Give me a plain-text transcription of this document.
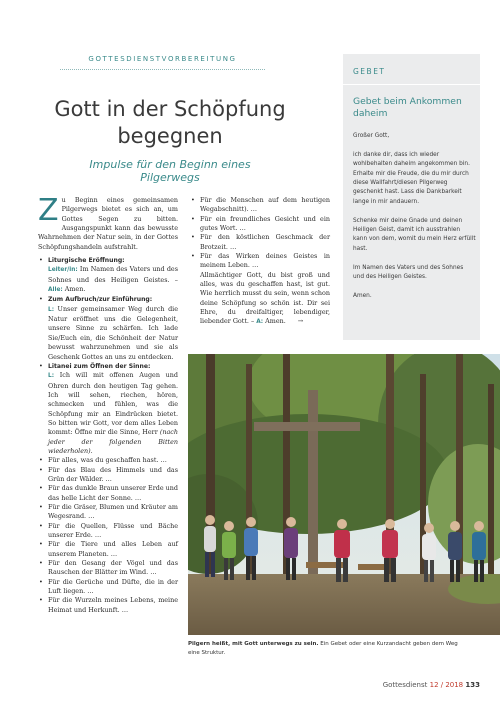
GOTTESDIENSTVORBEREITUNG
Gott in der Schöpfung
begegnen
Impulse für den Beginn eines Pilgerwegs

Zu Beginn eines gemeinsamen Pilgerwegs bietet es sich an, um Gottes Segen zu bitten. Ausgangspunkt kann das bewusste Wahrnehmen der Natur sein, in der Gottes Schöpfungshandeln aufstrahlt.

• Liturgische Eröffnung:
Leiter/in: Im Namen des Vaters und des Sohnes und des Heiligen Geistes. – Alle: Amen.
• Zum Aufbruch/zur Einführung:
L: Unser gemeinsamer Weg durch die Natur eröffnet uns die Gelegenheit, unsere Sinne zu schärfen. Ich lade Sie/Euch ein, die Schönheit der Natur bewusst wahrzunehmen und sie als Geschenk Gottes an uns zu entdecken.
• Litanei zum Öffnen der Sinne:
L: Ich will mit offenen Augen und Ohren durch den heutigen Tag gehen. Ich will sehen, riechen, hören, schmecken und fühlen, was die Schöpfung mir an Eindrücken bietet. So bitten wir Gott, vor dem alles Leben kommt: Öffne mir die Sinne, Herr (nach jeder der folgenden Bitten wiederholen).
• Für alles, was du geschaffen hast. …
• Für das Blau des Himmels und das Grün der Wälder. …
• Für das dunkle Braun unserer Erde und das helle Licht der Sonne. …
• Für die Gräser, Blumen und Kräuter am Wegesrand. …
• Für die Quellen, Flüsse und Bäche unserer Erde. …
• Für die Tiere und alles Leben auf unserem Planeten. …
• Für den Gesang der Vögel und das Rauschen der Blätter im Wind. …
• Für die Gerüche und Düfte, die in der Luft liegen. …
• Für die Wurzeln meines Lebens, meine Heimat und Herkunft. …
• Für die Menschen auf dem heutigen Wegabschnitt). …
• Für ein freundliches Gesicht und ein gutes Wort. …
• Für den köstlichen Geschmack der Brotzeit. …
• Für das Wirken deines Geistes in meinem Leben. …

Allmächtiger Gott, du bist groß und alles, was du geschaffen hast, ist gut. Wie herrlich musst du sein, wenn schon deine Schöpfung so schön ist. Dir sei Ehre, du dreifaltiger, lebendiger, liebender Gott. – A: Amen. →

GEBET
Gebet beim Ankommen daheim

Großer Gott,

ich danke dir, dass ich wieder wohlbehalten daheim angekommen bin. Erhalte mir die Freude, die du mir durch diese Wallfahrt/diesen Pilgerweg geschenkt hast. Lass die Dankbarkeit lange in mir andauern.

Schenke mir deine Gnade und deinen Heiligen Geist, damit ich ausstrahlen kann von dem, womit du mein Herz erfüllt hast.

Im Namen des Vaters und des Sohnes und des Heiligen Geistes.

Amen.

Pilgern heißt, mit Gott unterwegs zu sein. Ein Gebet oder eine Kurzandacht geben dem Weg eine Struktur.
Gottesdienst 12 / 2018 133
